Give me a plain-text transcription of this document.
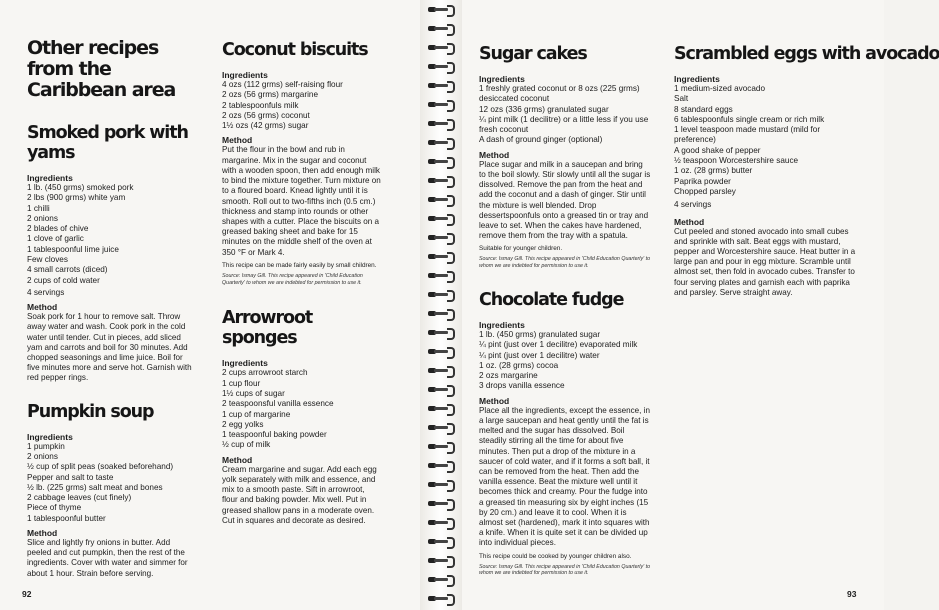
Other recipes
from the Caribbean area
Smoked pork with yams
Ingredients
1 lb. (450 grms) smoked pork
2 lbs (900 grms) white yam
1 chilli
2 onions
2 blades of chive
1 clove of garlic
1 tablespoonful lime juice
Few cloves
4 small carrots (diced)
2 cups of cold water
4 servings
Method

Soak pork for 1 hour to remove salt. Throw away water and wash. Cook pork in the cold water until tender. Cut in pieces, add sliced yam and carrots and boil for 30 minutes. Add chopped seasonings and lime juice. Boil for five minutes more and serve hot. Garnish with red pepper rings.

Pumpkin soup
Ingredients
1 pumpkin
2 onions
½ cup of split peas (soaked beforehand)
Pepper and salt to taste
½ lb. (225 grms) salt meat and bones
2 cabbage leaves (cut finely)
Piece of thyme
1 tablespoonful butter
Method

Slice and lightly fry onions in butter. Add peeled and cut pumpkin, then the rest of the ingredients. Cover with water and simmer for about 1 hour. Strain before serving.

Coconut biscuits
Ingredients
4 ozs (112 grms) self-raising flour
2 ozs (56 grms) margarine
2 tablespoonfuls milk
2 ozs (56 grms) coconut
1½ ozs (42 grms) sugar
Method

Put the flour in the bowl and rub in margarine. Mix in the sugar and coconut with a wooden spoon, then add enough milk to bind the mixture together. Turn mixture on to a floured board. Knead lightly until it is smooth. Roll out to two-fifths inch (0.5 cm.) thickness and stamp into rounds or other shapes with a cutter. Place the biscuits on a greased baking sheet and bake for 15 minutes on the middle shelf of the oven at 350 °F or Mark 4.

This recipe can be made fairly easily by small children.
Source: Ismay Gill. This recipe appeared in 'Child Education Quarterly' to whom we are indebted for permission to use it.
Arrowroot sponges
Ingredients
2 cups arrowroot starch
1 cup flour
1½ cups of sugar
2 teaspoonsful vanilla essence
1 cup of margarine
2 egg yolks
1 teaspoonful baking powder
½ cup of milk
Method

Cream margarine and sugar. Add each egg yolk separately with milk and essence, and mix to a smooth paste. Sift in arrowroot, flour and baking powder. Mix well. Put in greased shallow pans in a moderate oven. Cut in squares and decorate as desired.

92
Sugar cakes
Ingredients
1 freshly grated coconut or 8 ozs (225 grms) desiccated coconut
12 ozs (336 grms) granulated sugar
¼ pint milk (1 decilitre) or a little less if you use fresh coconut
A dash of ground ginger (optional)
Method

Place sugar and milk in a saucepan and bring to the boil slowly. Stir slowly until all the sugar is dissolved. Remove the pan from the heat and add the coconut and a dash of ginger. Stir until the mixture is well blended. Drop dessertspoonfuls onto a greased tin or tray and leave to set. When the cakes have hardened, remove them from the tray with a spatula.

Suitable for younger children.
Source: Ismay Gill. This recipe appeared in 'Child Education Quarterly' to whom we are indebted for permission to use it.
Chocolate fudge
Ingredients
1 lb. (450 grms) granulated sugar
¼ pint (just over 1 decilitre) evaporated milk
¼ pint (just over 1 decilitre) water
1 oz. (28 grms) cocoa
2 ozs margarine
3 drops vanilla essence
Method

Place all the ingredients, except the essence, in a large saucepan and heat gently until the fat is melted and the sugar has dissolved. Boil steadily stirring all the time for about five minutes. Then put a drop of the mixture in a saucer of cold water, and if it forms a soft ball, it can be removed from the heat. Then add the vanilla essence. Beat the mixture well until it becomes thick and creamy. Pour the fudge into a greased tin measuring six by eight inches (15 by 20 cm.) and leave it to cool. When it is almost set (hardened), mark it into squares with a knife. When it is quite set it can be divided up into individual pieces.

This recipe could be cooked by younger children also.
Source: Ismay Gill. This recipe appeared in 'Child Education Quarterly' to whom we are indebted for permission to use it.
Scrambled eggs with avocado
Ingredients
1 medium-sized avocado
Salt
8 standard eggs
6 tablespoonfuls single cream or rich milk
1 level teaspoon made mustard (mild for preference)
A good shake of pepper
½ teaspoon Worcestershire sauce
1 oz. (28 grms) butter
Paprika powder
Chopped parsley
4 servings
Method

Cut peeled and stoned avocado into small cubes and sprinkle with salt. Beat eggs with mustard, pepper and Worcestershire sauce. Heat butter in a large pan and pour in egg mixture. Scramble until almost set, then fold in avocado cubes. Transfer to four serving plates and garnish each with paprika and parsley. Serve straight away.

93
